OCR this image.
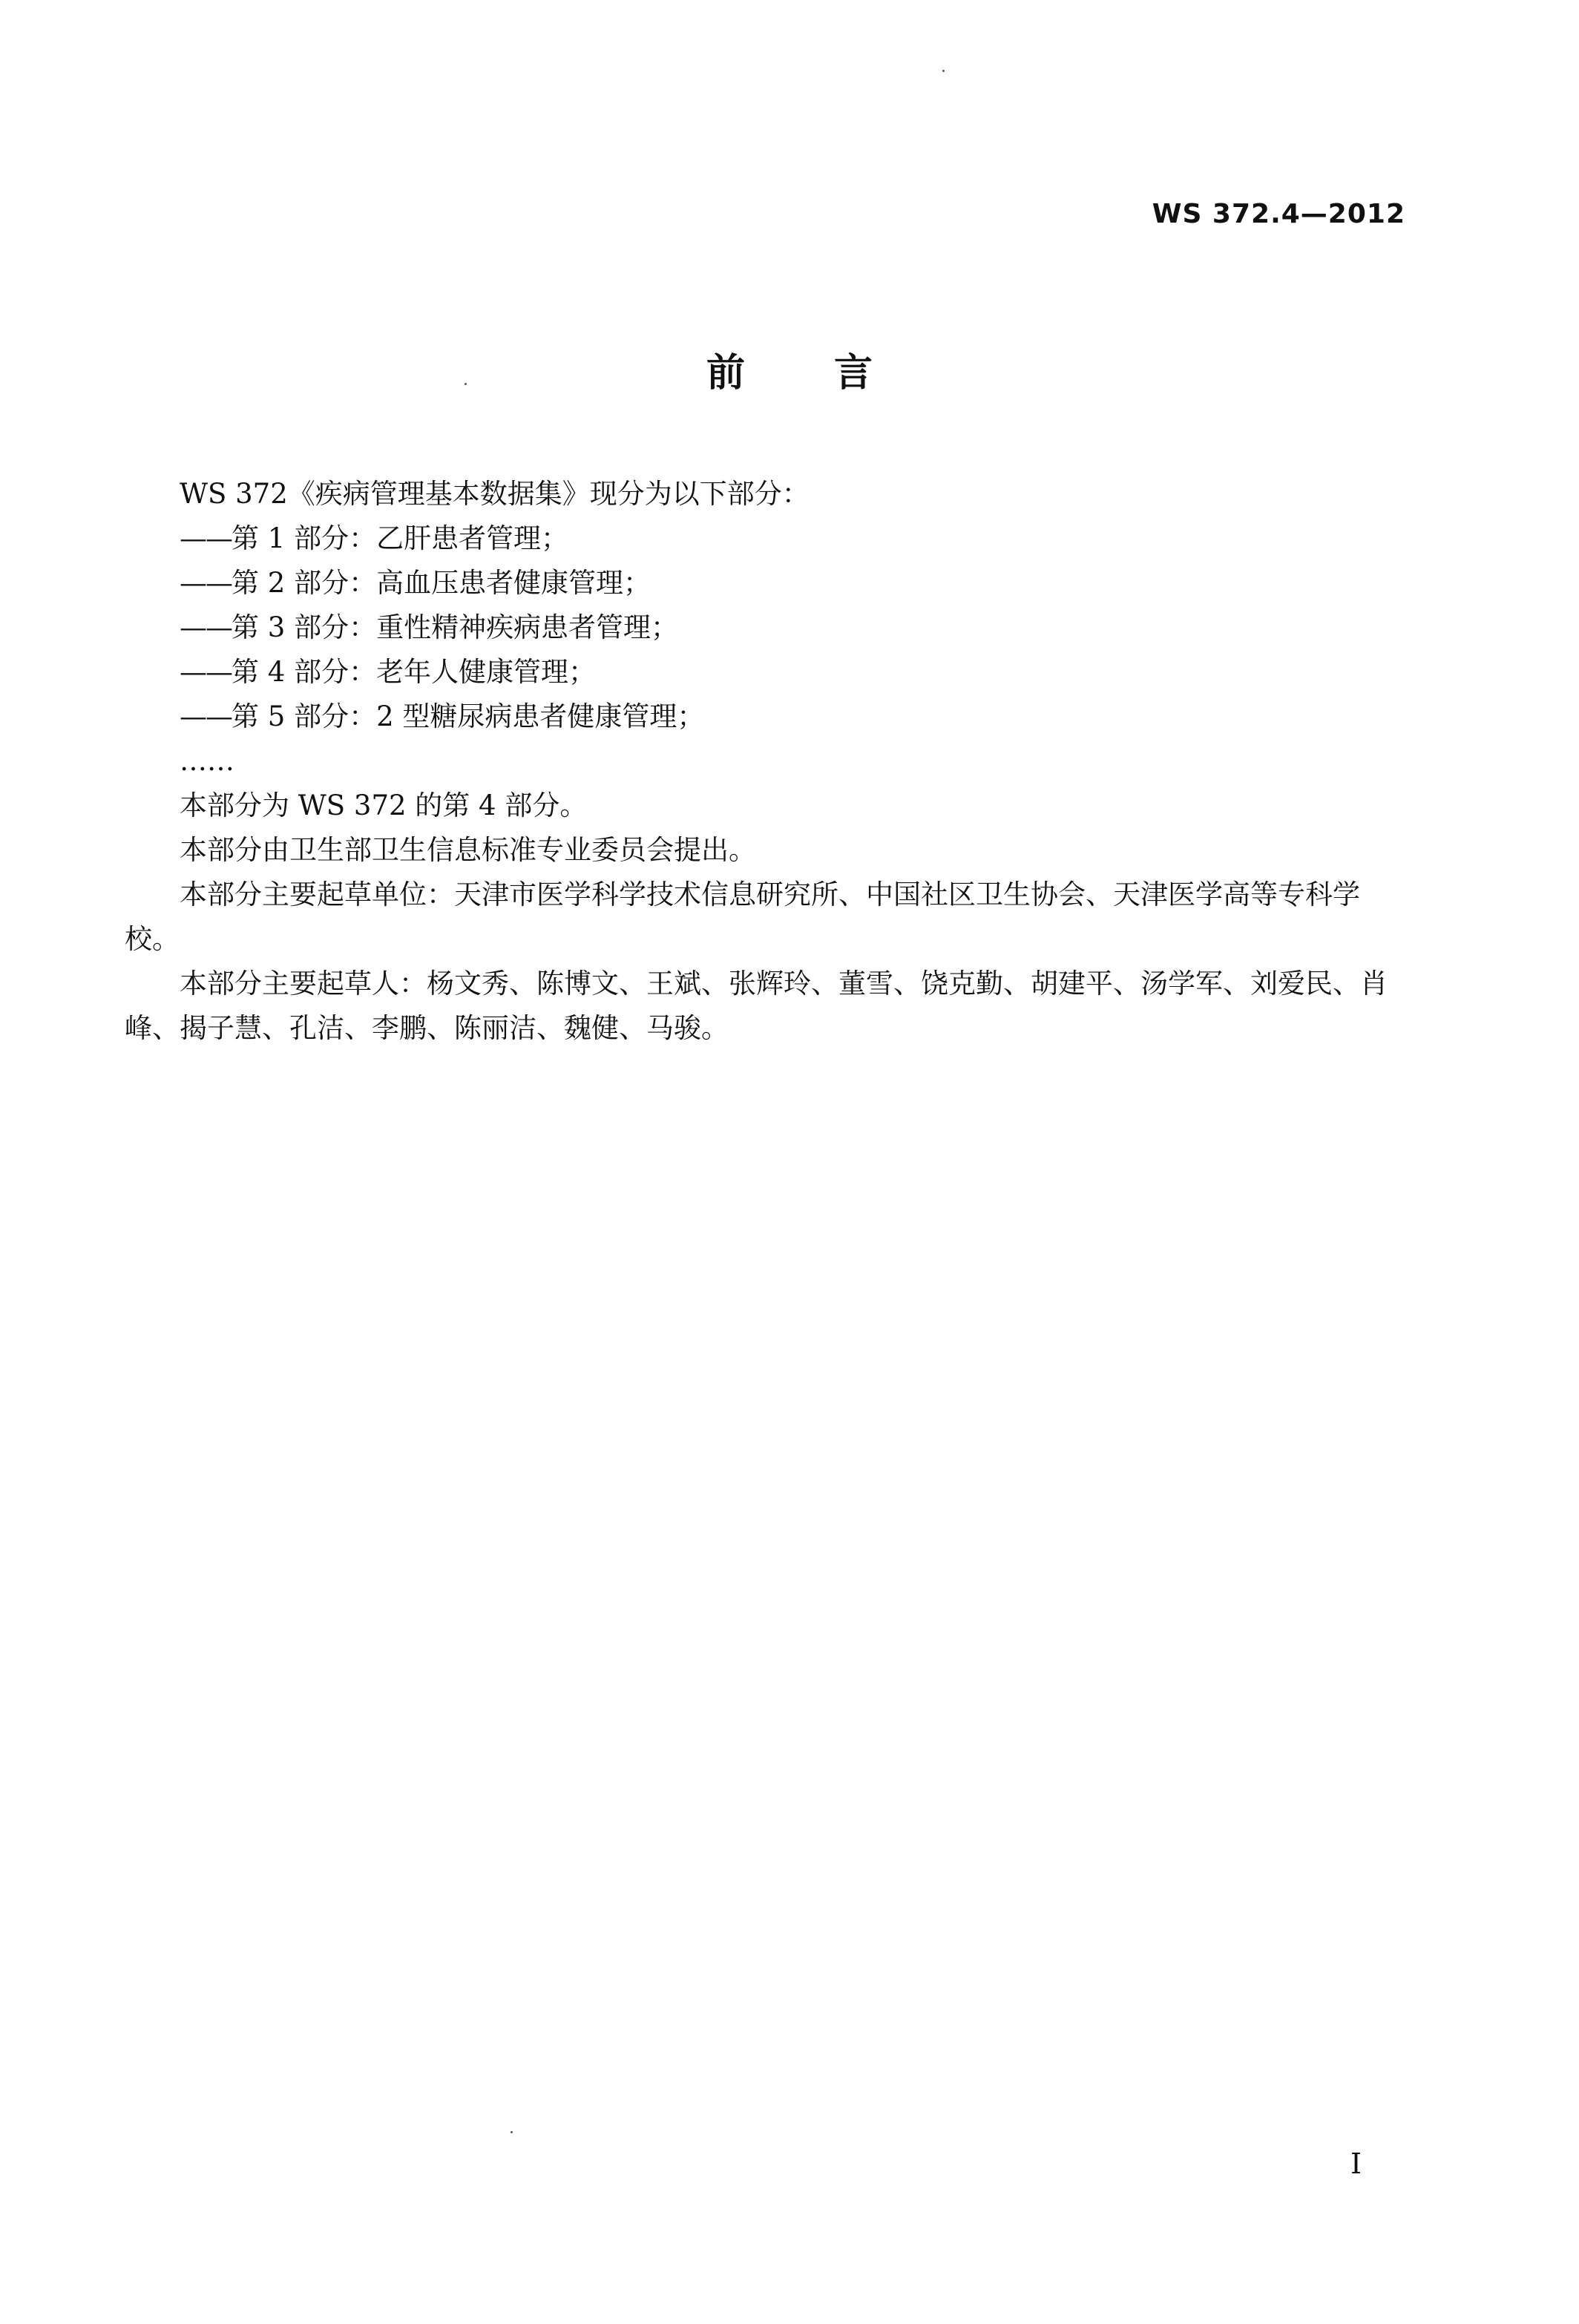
WS 372.4—2012
前言

WS 372《疾病管理基本数据集》现分为以下部分：

——第 1 部分：乙肝患者管理；
——第 2 部分：高血压患者健康管理；
——第 3 部分：重性精神疾病患者管理；
——第 4 部分：老年人健康管理；
——第 5 部分：2 型糖尿病患者健康管理；

……

本部分为 WS 372 的第 4 部分。

本部分由卫生部卫生信息标准专业委员会提出。

本部分主要起草单位：天津市医学科学技术信息研究所、中国社区卫生协会、天津医学高等专科学校。

本部分主要起草人：杨文秀、陈博文、王斌、张辉玲、董雪、饶克勤、胡建平、汤学军、刘爱民、肖峰、揭子慧、孔洁、李鹏、陈丽洁、魏健、马骏。

I
